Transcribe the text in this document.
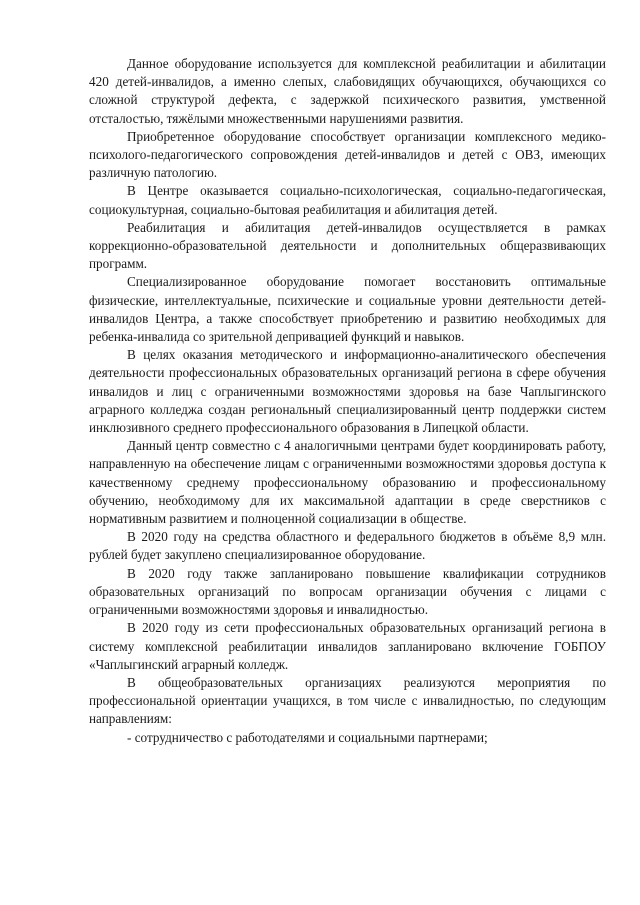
Данное оборудование используется для комплексной реабилитации и абилитации 420 детей-инвалидов, а именно слепых, слабовидящих обучающихся, обучающихся со сложной структурой дефекта, с задержкой психического развития, умственной отсталостью, тяжёлыми множественными нарушениями развития.

Приобретенное оборудование способствует организации комплексного медико-психолого-педагогического сопровождения детей-инвалидов и детей с ОВЗ, имеющих различную патологию.

В Центре оказывается социально-психологическая, социально-педагогическая, социокультурная, социально-бытовая реабилитация и абилитация детей.

Реабилитация и абилитация детей-инвалидов осуществляется в рамках коррекционно-образовательной деятельности и дополнительных общеразвивающих программ.

Специализированное оборудование помогает восстановить оптимальные физические, интеллектуальные, психические и социальные уровни деятельности детей-инвалидов Центра, а также способствует приобретению и развитию необходимых для ребенка-инвалида со зрительной депривацией функций и навыков.

В целях оказания методического и информационно-аналитического обеспечения деятельности профессиональных образовательных организаций региона в сфере обучения инвалидов и лиц с ограниченными возможностями здоровья на базе Чаплыгинского аграрного колледжа создан региональный специализированный центр поддержки систем инклюзивного среднего профессионального образования в Липецкой области.

Данный центр совместно с 4 аналогичными центрами будет координировать работу, направленную на обеспечение лицам с ограниченными возможностями здоровья доступа к качественному среднему профессиональному образованию и профессиональному обучению, необходимому для их максимальной адаптации в среде сверстников с нормативным развитием и полноценной социализации в обществе.

В 2020 году на средства областного и федерального бюджетов в объёме 8,9 млн. рублей будет закуплено специализированное оборудование.

В 2020 году также запланировано повышение квалификации сотрудников образовательных организаций по вопросам организации обучения с лицами с ограниченными возможностями здоровья и инвалидностью.

В 2020 году из сети профессиональных образовательных организаций региона в систему комплексной реабилитации инвалидов запланировано включение ГОБПОУ «Чаплыгинский аграрный колледж.

В общеобразовательных организациях реализуются мероприятия по профессиональной ориентации учащихся, в том числе с инвалидностью, по следующим направлениям:

- сотрудничество с работодателями и социальными партнерами;
